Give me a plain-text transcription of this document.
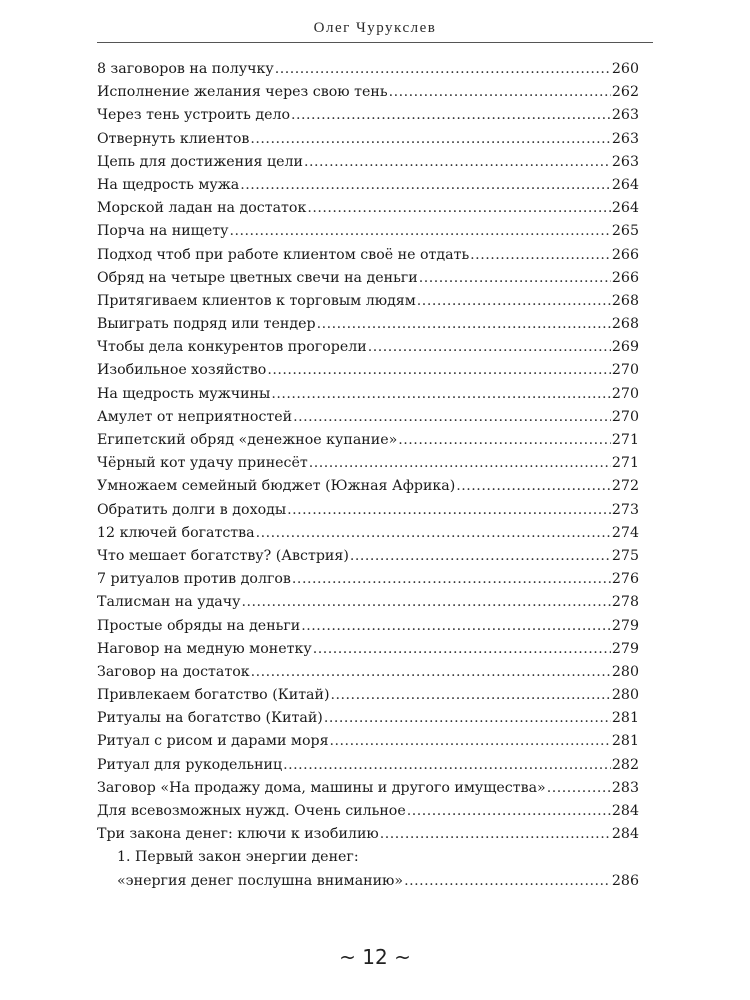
Олег Чурукслев
8 заговоров на получку .....	260
Исполнение желания через свою тень .....	262
Через тень устроить дело .....	263
Отвернуть клиентов .....	263
Цепь для достижения цели .....	263
На щедрость мужа .....	264
Морской ладан на достаток .....	264
Порча на нищету .....	265
Подход чтоб при работе клиентом своё не отдать .....	266
Обряд на четыре цветных свечи на деньги .....	266
Притягиваем клиентов к торговым людям .....	268
Выиграть подряд или тендер .....	268
Чтобы дела конкурентов прогорели .....	269
Изобильное хозяйство .....	270
На щедрость мужчины .....	270
Амулет от неприятностей .....	270
Египетский обряд «денежное купание» .....	271
Чёрный кот удачу принесёт .....	271
Умножаем семейный бюджет (Южная Африка) .....	272
Обратить долги в доходы .....	273
12 ключей богатства .....	274
Что мешает богатству? (Австрия) .....	275
7 ритуалов против долгов .....	276
Талисман на удачу .....	278
Простые обряды на деньги .....	279
Наговор на медную монетку .....	279
Заговор на достаток .....	280
Привлекаем богатство (Китай) .....	280
Ритуалы на богатство (Китай) .....	281
Ритуал с рисом и дарами моря .....	281
Ритуал для рукодельниц .....	282
Заговор «На продажу дома, машины и другого имущества» .....	283
Для всевозможных нужд. Очень сильное .....	284
Три закона денег: ключи к изобилию .....	284
1. Первый закон энергии денег:
«энергия денег послушна вниманию» .....	286
~ 12 ~
